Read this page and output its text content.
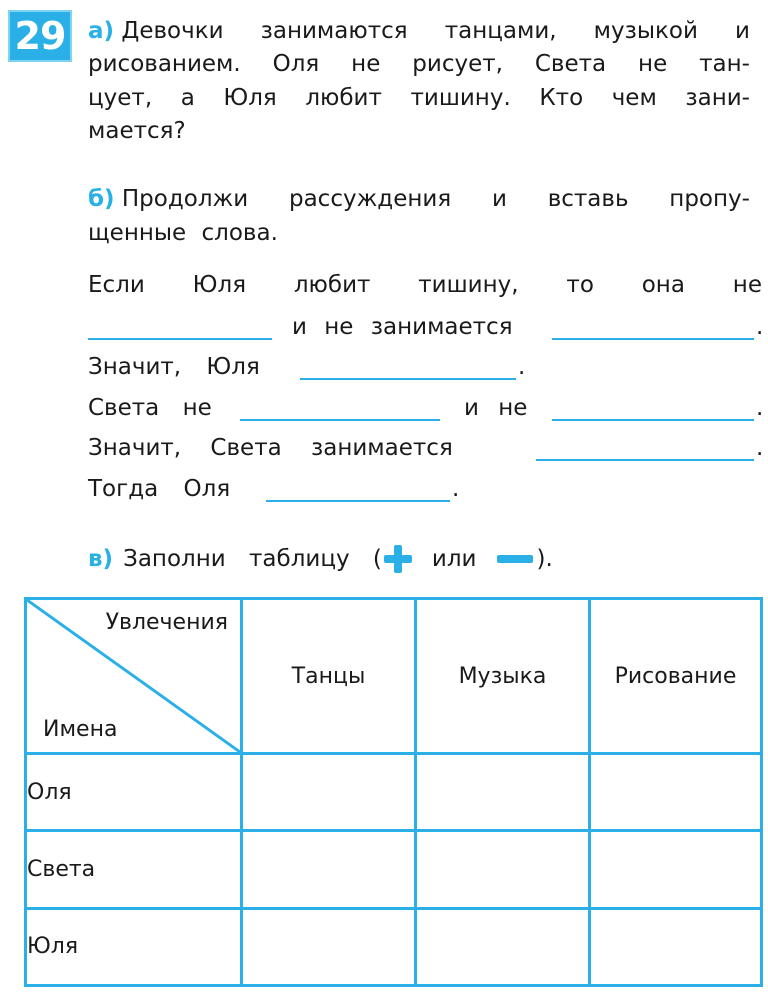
29 а) Девочки занимаются танцами, музыкой и
рисованием. Оля не рисует, Света не тан-
цует, а Юля любит тишину. Кто чем зани-
мается?
б) Продолжи рассуждения и вставь пропу-
щенные слова.
Если Юля любит тишину, то она не
и не занимается	.
Значит, Юля	.
Света не	и не	.
Значит, Света занимается	.
Тогда Оля	.
в) Заполни таблицу ( или	).
Увлечения
Имена	Танцы	Музыка	Рисование
Оля			
Света			
Юля			
